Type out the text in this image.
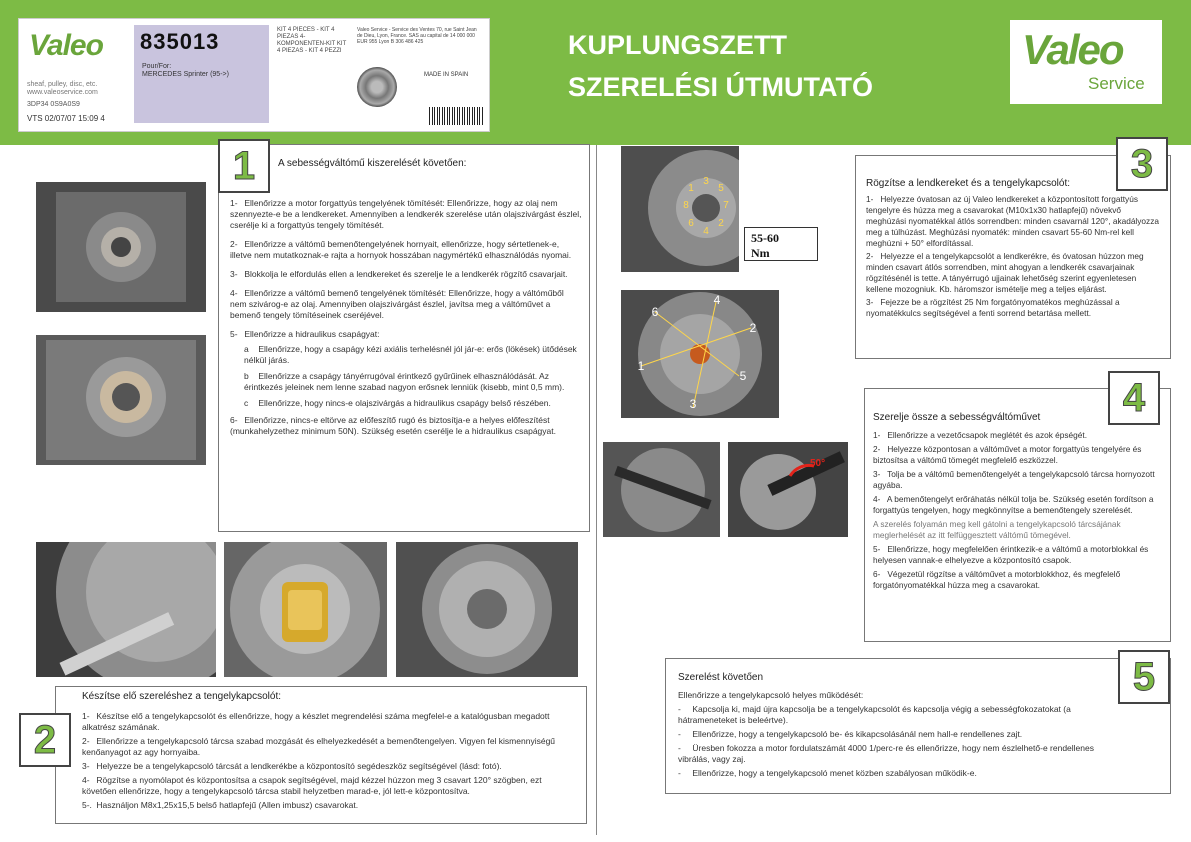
Valeo
sheaf, pulley, disc, etc.
www.valeoservice.com
3DP34 0S9A0S9
VTS 02/07/07 15:09 4
835013
Pour/For:
MERCEDES Sprinter (95->)
KIT 4 PIECES - KIT 4 PIEZAS 4-KOMPONENTEN-KIT KIT 4 PIEZAS - KIT 4 PEZZI
Valeo Service - Service des Ventes 70, rue Saint Jean de Dieu, Lyon, France. SAS au capital de 14 000 000 EUR 955 Lyon B 306 486 425
MADE IN SPAIN
KUPLUNGSZETT
SZERELÉSI ÚTMUTATÓ
Valeo
Service
1	A sebességváltómű kiszerelését követően:
1- Ellenőrizze a motor forgattyús tengelyének tömítését: Ellenőrizze, hogy az olaj nem szennyezte-e be a lendkereket. Amennyiben a lendkerék szerelése után olajszivárgást észlel, cserélje ki a forgattyús tengely tömítését.
2- Ellenőrizze a váltómű bemenőtengelyének hornyait, ellenőrizze, hogy sértetlenek-e, illetve nem mutatkoznak-e rajta a hornyok hosszában nagymértékű elhasználódás nyomai.
3- Blokkolja le elfordulás ellen a lendkereket és szerelje le a lendkerék rögzítő csavarjait.
4- Ellenőrizze a váltómű bemenő tengelyének tömítését: Ellenőrizze, hogy a váltóműből nem szivárog-e az olaj. Amennyiben olajszivárgást észlel, javítsa meg a váltóművet a bemenő tengely tömítéseinek cseréjével.
5- Ellenőrizze a hidraulikus csapágyat:
a Ellenőrizze, hogy a csapágy kézi axiális terhelésnél jól jár-e: erős (lökések) ütődések nélkül járás.
b Ellenőrizze a csapágy tányérrugóval érintkező gyűrűinek elhasználódását. Az érintkezés jeleinek nem lenne szabad nagyon erősnek lenniük (kisebb, mint 0,5 mm).
c Ellenőrizze, hogy nincs-e olajszivárgás a hidraulikus csapágy belső részében.
6- Ellenőrizze, nincs-e eltörve az előfeszítő rugó és biztosítja-e a helyes előfeszítést (munkahelyzethez minimum 50N). Szükség esetén cserélje le a hidraulikus csapágyat.
2
Készítse elő szereléshez a tengelykapcsolót:
1- Készítse elő a tengelykapcsolót és ellenőrizze, hogy a készlet megrendelési száma megfelel-e a katalógusban megadott alkatrész számának.
2- Ellenőrizze a tengelykapcsoló tárcsa szabad mozgását és elhelyezkedését a bemenőtengelyen. Vigyen fel kismennyiségű kenőanyagot az agy hornyaiba.
3- Helyezze be a tengelykapcsoló tárcsát a lendkerékbe a központosító segédeszköz segítségével (lásd: fotó).
4- Rögzítse a nyomólapot és központosítsa a csapok segítségével, majd kézzel húzzon meg 3 csavart 120° szögben, ezt követően ellenőrizze, hogy a tengelykapcsoló tárcsa stabil helyzetben marad-e, jól lett-e központosítva.
5-. Használjon M8x1,25x15,5 belső hatlapfejű (Allen imbusz) csavarokat.
3
5
7
2
4
6
8
1
55-60
Nm
1
2
3
4
5
6
3
Rögzítse a lendkereket és a tengelykapcsolót:
1- Helyezze óvatosan az új Valeo lendkereket a központosított forgattyús tengelyre és húzza meg a csavarokat (M10x1x30 hatlapfejű) növekvő meghúzási nyomatékkal átlós sorrendben: minden csavarnál 120°, akadályozza meg a túlhúzást. Meghúzási nyomaték: minden csavart 55-60 Nm-rel kell meghúzni + 50° elfordítással.
2- Helyezze el a tengelykapcsolót a lendkerékre, és óvatosan húzzon meg minden csavart átlós sorrendben, mint ahogyan a lendkerék csavarjainak rögzítésénél is tette. A tányérrugó ujjainak lehetőség szerint egyenletesen kellene mozogniuk. Kb. háromszor ismételje meg a teljes eljárást.
3- Fejezze be a rögzítést 25 Nm forgatónyomatékos meghúzással a nyomatékkulcs segítségével a fenti sorrend betartása mellett.
50°
4
Szerelje össze a sebességváltóművet
1- Ellenőrizze a vezetőcsapok meglétét és azok épségét.
2- Helyezze központosan a váltóművet a motor forgattyús tengelyére és biztosítsa a váltómű tömegét megfelelő eszközzel.
3- Tolja be a váltómű bemenőtengelyét a tengelykapcsoló tárcsa hornyozott agyába.
4- A bemenőtengelyt erőráhatás nélkül tolja be. Szükség esetén fordítson a forgattyús tengelyen, hogy megkönnyítse a bemenőtengely szerelését.
A szerelés folyamán meg kell gátolni a tengelykapcsoló tárcsájának meglerhelését az itt felfüggesztett váltómű tömegével.
5- Ellenőrizze, hogy megfelelően érintkezik-e a váltómű a motorblokkal és helyesen vannak-e elhelyezve a központosító csapok.
6- Végezetül rögzítse a váltóművet a motorblokkhoz, és megfelelő forgatónyomatékkal húzza meg a csavarokat.
5
Szerelést követően
Ellenőrizze a tengelykapcsoló helyes működését:
- Kapcsolja ki, majd újra kapcsolja be a tengelykapcsolót és kapcsolja végig a sebességfokozatokat (a hátrameneteket is beleértve).
- Ellenőrizze, hogy a tengelykapcsoló be- és kikapcsolásánál nem hall-e rendellenes zajt.
- Üresben fokozza a motor fordulatszámát 4000 1/perc-re és ellenőrizze, hogy nem észlelhető-e rendellenes vibrálás, vagy zaj.
- Ellenőrizze, hogy a tengelykapcsoló menet közben szabályosan működik-e.
